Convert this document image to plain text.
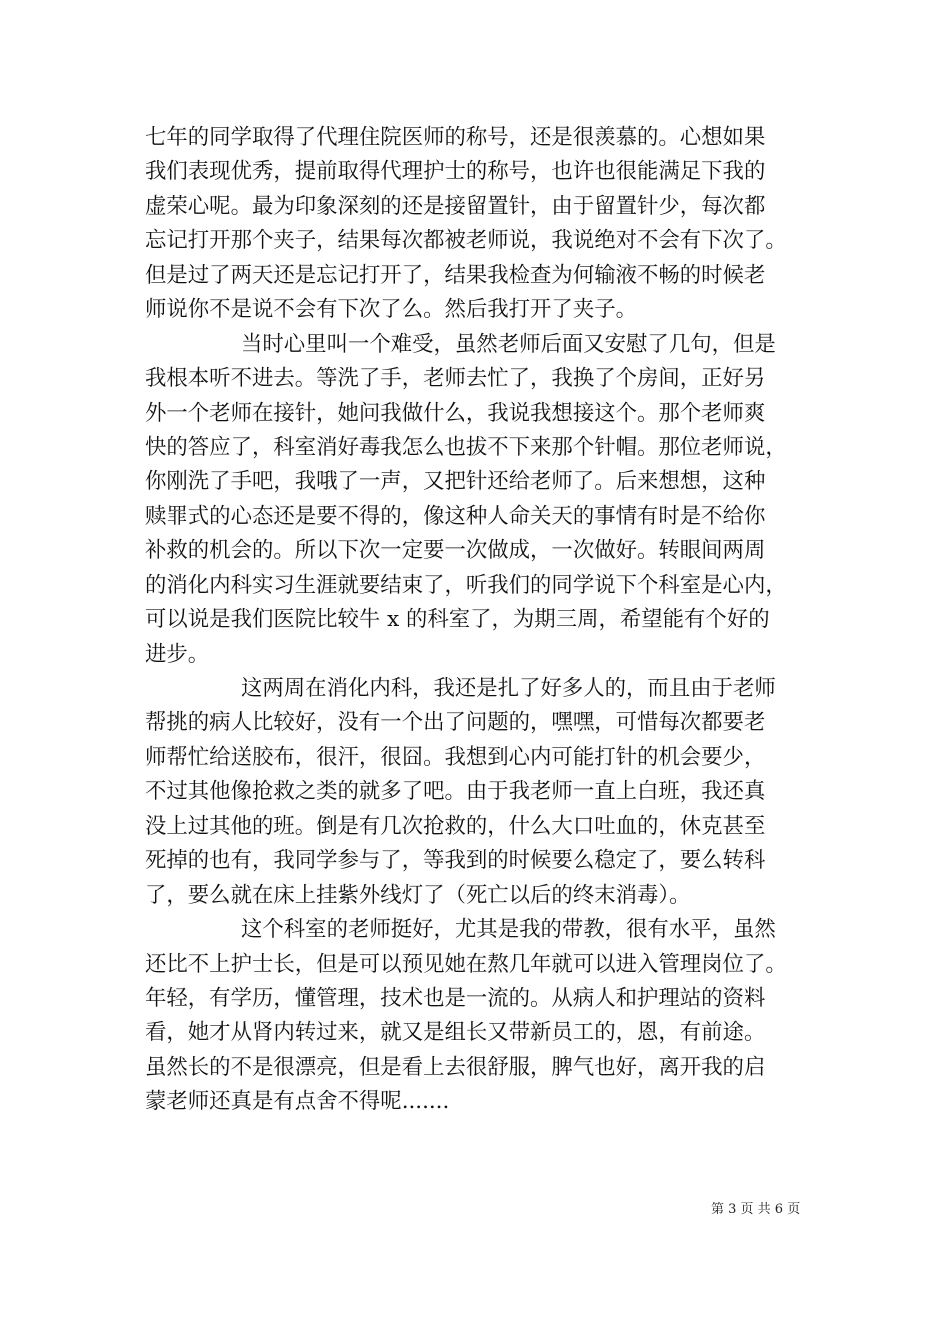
七年的同学取得了代理住院医师的称号，还是很羡慕的。心想如果
我们表现优秀，提前取得代理护士的称号，也许也很能满足下我的
虚荣心呢。最为印象深刻的还是接留置针，由于留置针少，每次都
忘记打开那个夹子，结果每次都被老师说，我说绝对不会有下次了。
但是过了两天还是忘记打开了，结果我检查为何输液不畅的时候老
师说你不是说不会有下次了么。然后我打开了夹子。
当时心里叫一个难受，虽然老师后面又安慰了几句，但是
我根本听不进去。等洗了手，老师去忙了，我换了个房间，正好另
外一个老师在接针，她问我做什么，我说我想接这个。那个老师爽
快的答应了，科室消好毒我怎么也拔不下来那个针帽。那位老师说，
你刚洗了手吧，我哦了一声，又把针还给老师了。后来想想，这种
赎罪式的心态还是要不得的，像这种人命关天的事情有时是不给你
补救的机会的。所以下次一定要一次做成，一次做好。转眼间两周
的消化内科实习生涯就要结束了，听我们的同学说下个科室是心内，
可以说是我们医院比较牛 x 的科室了，为期三周，希望能有个好的
进步。
这两周在消化内科，我还是扎了好多人的，而且由于老师
帮挑的病人比较好，没有一个出了问题的，嘿嘿，可惜每次都要老
师帮忙给送胶布，很汗，很囧。我想到心内可能打针的机会要少，
不过其他像抢救之类的就多了吧。由于我老师一直上白班，我还真
没上过其他的班。倒是有几次抢救的，什么大口吐血的，休克甚至
死掉的也有，我同学参与了，等我到的时候要么稳定了，要么转科
了，要么就在床上挂紫外线灯了（死亡以后的终末消毒）。
这个科室的老师挺好，尤其是我的带教，很有水平，虽然
还比不上护士长，但是可以预见她在熬几年就可以进入管理岗位了。
年轻，有学历，懂管理，技术也是一流的。从病人和护理站的资料
看，她才从肾内转过来，就又是组长又带新员工的，恩，有前途。
虽然长的不是很漂亮，但是看上去很舒服，脾气也好，离开我的启
蒙老师还真是有点舍不得呢.......
第 3 页 共 6 页
